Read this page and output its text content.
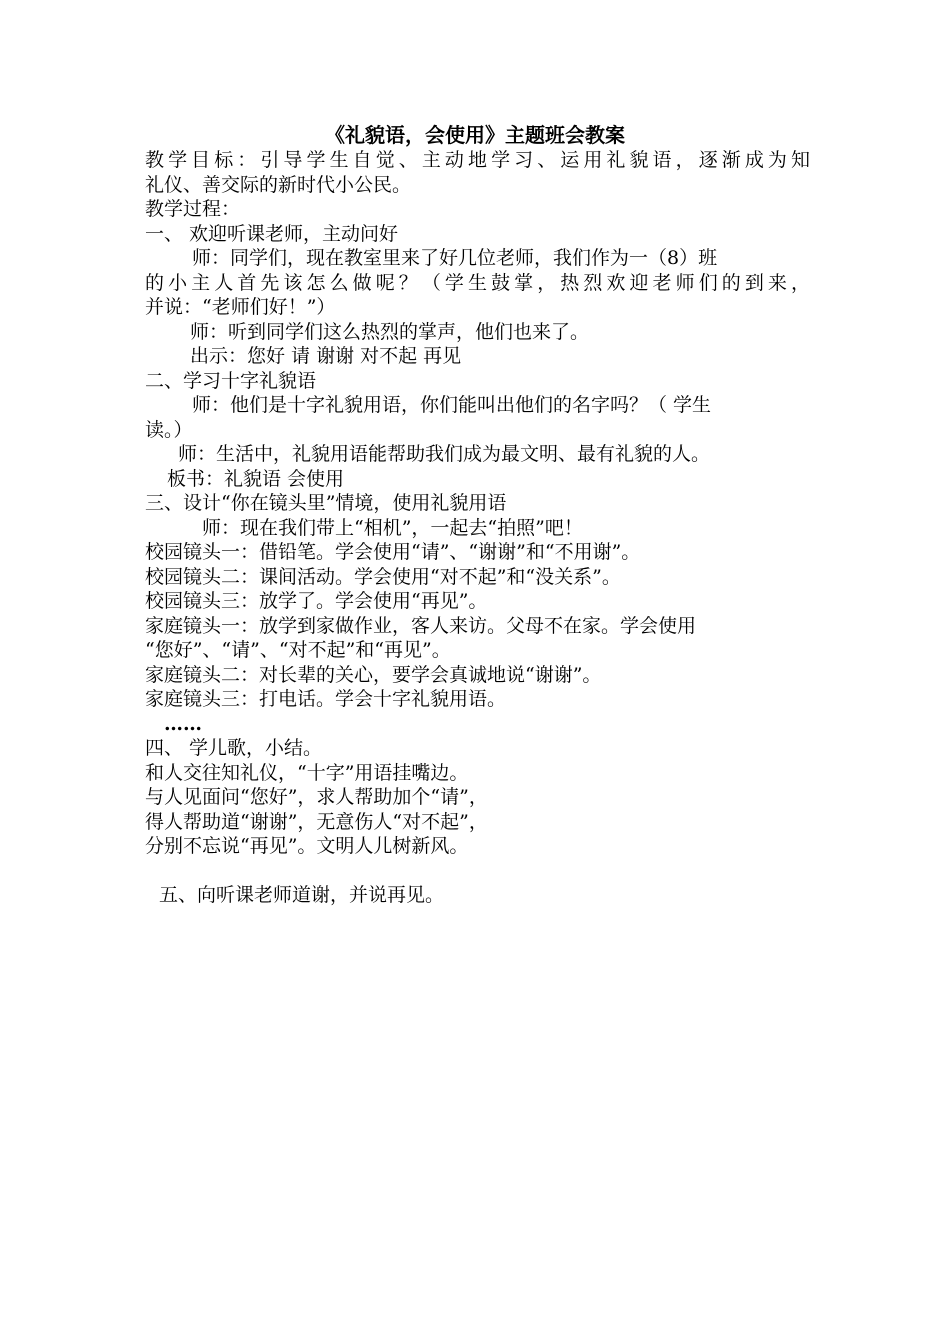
《礼貌语，会使用》主题班会教案
教学目标：引导学生自觉、主动地学习、运用礼貌语，逐渐成为知
礼仪、善交际的新时代小公民。
教学过程：
一、 欢迎听课老师，主动问好
师：同学们，现在教室里来了好几位老师，我们作为一（8）班
的小主人首先该怎么做呢？（学生鼓掌，热烈欢迎老师们的到来，
并说：“老师们好！”）
师：听到同学们这么热烈的掌声，他们也来了。
出示：您好 请 谢谢 对不起 再见
二、学习十字礼貌语
师：他们是十字礼貌用语，你们能叫出他们的名字吗？（ 学生
读。）
师：生活中，礼貌用语能帮助我们成为最文明、最有礼貌的人。
板书：礼貌语 会使用
三、设计“你在镜头里”情境，使用礼貌用语
师：现在我们带上“相机”，一起去“拍照”吧！
校园镜头一：借铅笔。学会使用“请”、“谢谢”和“不用谢”。
校园镜头二：课间活动。学会使用“对不起”和“没关系”。
校园镜头三：放学了。学会使用“再见”。
家庭镜头一：放学到家做作业，客人来访。父母不在家。学会使用
“您好”、“请”、“对不起”和“再见”。
家庭镜头二：对长辈的关心，要学会真诚地说“谢谢”。
家庭镜头三：打电话。学会十字礼貌用语。
……
四、 学儿歌，小结。
和人交往知礼仪，“十字”用语挂嘴边。
与人见面问“您好”，求人帮助加个“请”，
得人帮助道“谢谢”，无意伤人“对不起”，
分别不忘说“再见”。文明人儿树新风。
五、向听课老师道谢，并说再见。
